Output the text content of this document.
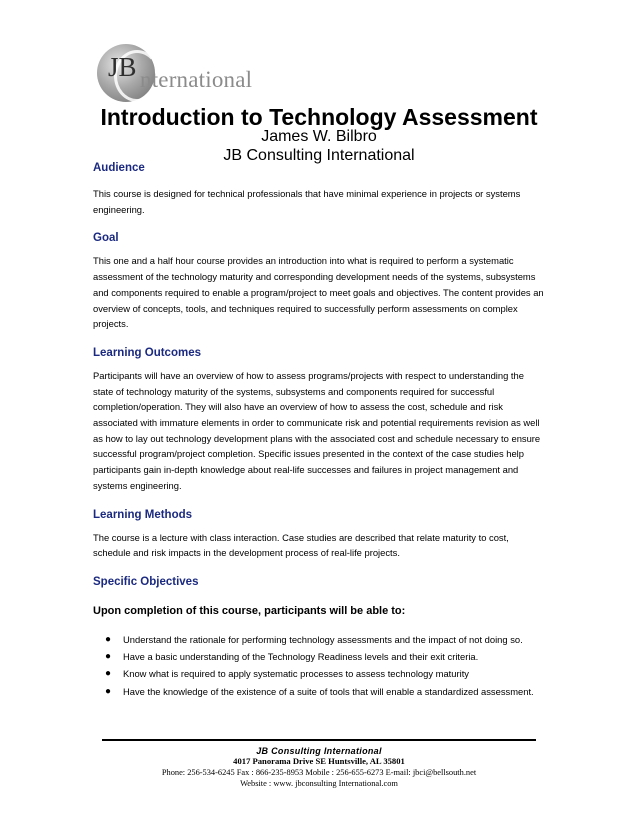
JB nternational
Introduction to Technology Assessment
James W. Bilbro
JB Consulting International
Audience

This course is designed for technical professionals that have minimal experience in projects or systems engineering.

Goal

This one and a half hour course provides an introduction into what is required to perform a systematic assessment of the technology maturity and corresponding development needs of the systems, subsystems and components required to enable a program/project to meet goals and objectives. The content provides an overview of concepts, tools, and techniques required to successfully perform assessments on complex projects.

Learning Outcomes

Participants will have an overview of how to assess programs/projects with respect to understanding the state of technology maturity of the systems, subsystems and components required for successful completion/operation. They will also have an overview of how to assess the cost, schedule and risk associated with immature elements in order to communicate risk and potential requirements revision as well as how to lay out technology development plans with the associated cost and schedule necessary to ensure successful program/project completion. Specific issues presented in the context of the case studies help participants gain in-depth knowledge about real-life successes and failures in project management and systems engineering.

Learning Methods

The course is a lecture with class interaction. Case studies are described that relate maturity to cost, schedule and risk impacts in the development process of real-life projects.

Specific Objectives

Upon completion of this course, participants will be able to:

● Understand the rationale for performing technology assessments and the impact of not doing so.
● Have a basic understanding of the Technology Readiness levels and their exit criteria.
● Know what is required to apply systematic processes to assess technology maturity
● Have the knowledge of the existence of a suite of tools that will enable a standardized assessment.
JB Consulting International
4017 Panorama Drive SE Huntsville, AL 35801
Phone: 256-534-6245 Fax : 866-235-8953 Mobile : 256-655-6273 E-mail: jbci@bellsouth.net
Website : www. jbconsulting International.com
